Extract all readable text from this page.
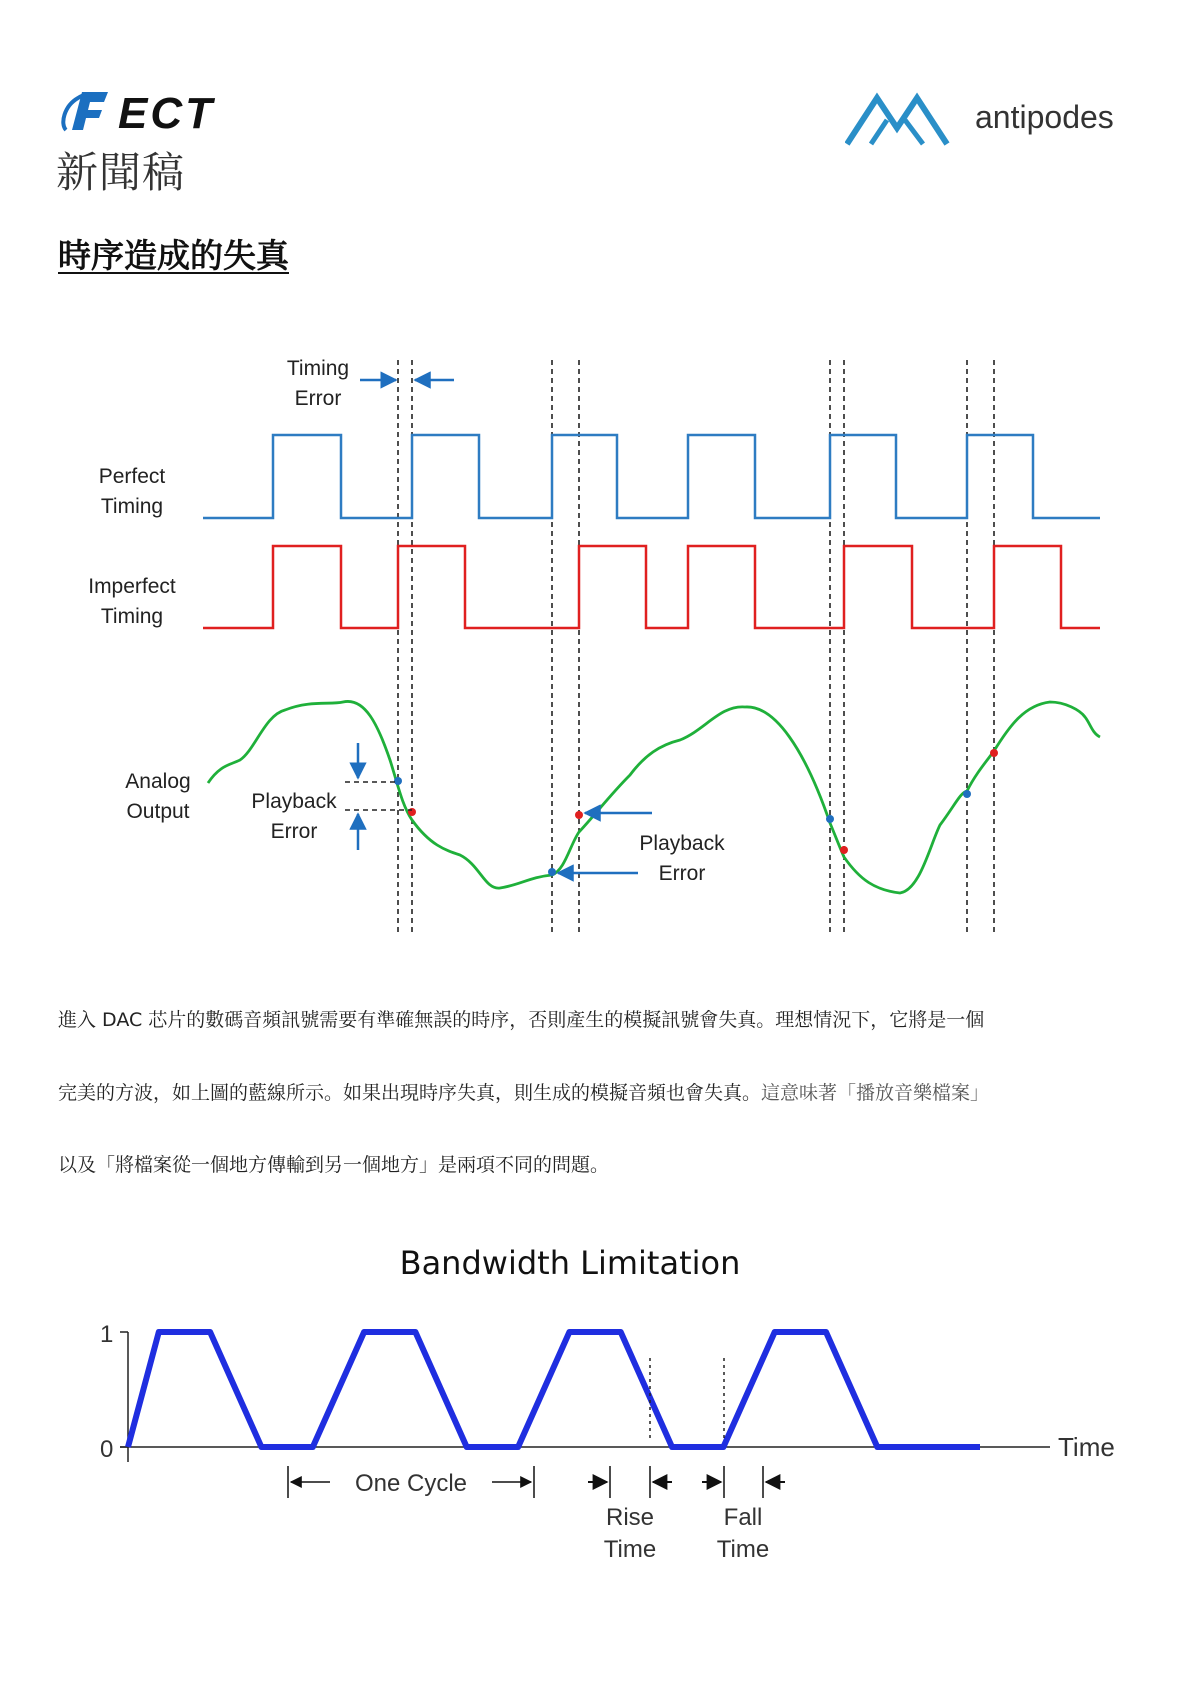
ECT
新聞稿
antipodes
時序造成的失真
Timing
Error
Perfect
Timing
Imperfect
Timing
Analog
Output	Playback
Error
Playback
Error
進入 DAC 芯片的數碼音頻訊號需要有準確無誤的時序，否則產生的模擬訊號會失真。理想情況下，它將是一個
完美的方波，如上圖的藍線所示。如果出現時序失真，則生成的模擬音頻也會失真。這意味著「播放音樂檔案」
以及「將檔案從一個地方傳輸到另一個地方」是兩項不同的問題。
Bandwidth Limitation
1
0	Time
One Cycle
Rise
Time
Fall
Time
